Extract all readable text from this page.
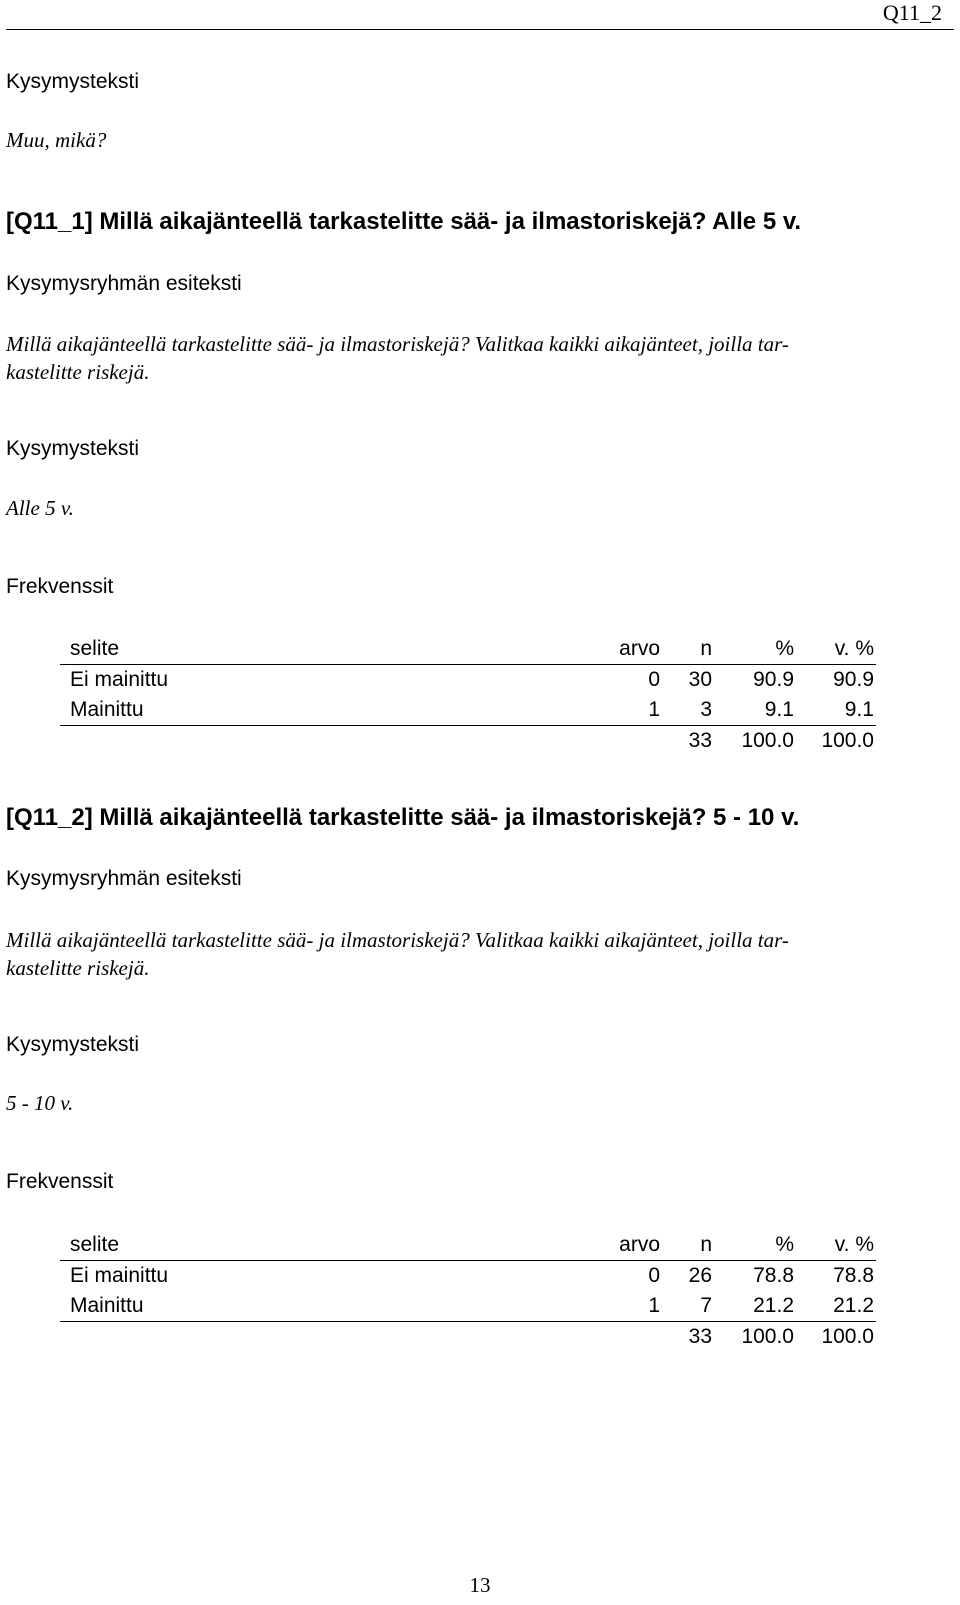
Q11_2
Kysymysteksti
Muu, mikä?
[Q11_1] Millä aikajänteellä tarkastelitte sää- ja ilmastoriskejä? Alle 5 v.
Kysymysryhmän esiteksti
Millä aikajänteellä tarkastelitte sää- ja ilmastoriskejä? Valitkaa kaikki aikajänteet, joilla tar-
kastelitte riskejä.
Kysymysteksti
Alle 5 v.
Frekvenssit
selite	arvo	n	%	v. %
Ei mainittu	0	30	90.9	90.9
Mainittu	1	3	9.1	9.1
		33	100.0	100.0
[Q11_2] Millä aikajänteellä tarkastelitte sää- ja ilmastoriskejä? 5 - 10 v.
Kysymysryhmän esiteksti
Millä aikajänteellä tarkastelitte sää- ja ilmastoriskejä? Valitkaa kaikki aikajänteet, joilla tar-
kastelitte riskejä.
Kysymysteksti
5 - 10 v.
Frekvenssit
selite	arvo	n	%	v. %
Ei mainittu	0	26	78.8	78.8
Mainittu	1	7	21.2	21.2
		33	100.0	100.0
13
